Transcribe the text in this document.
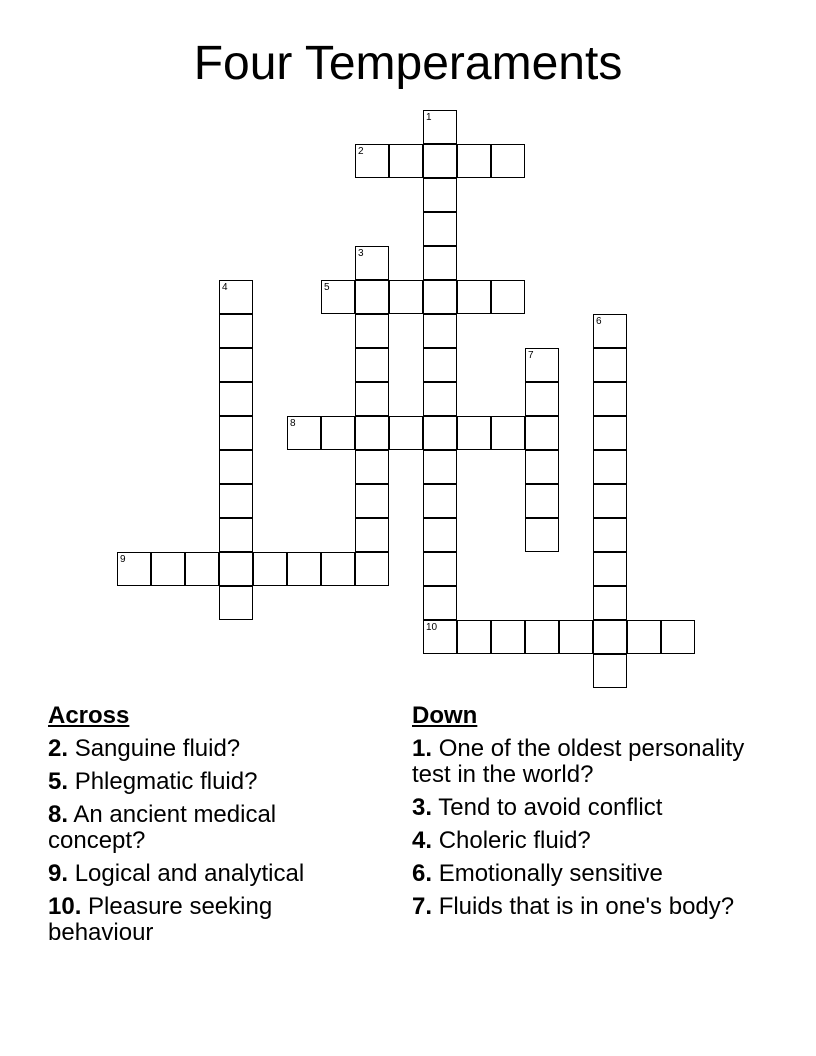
Four Temperaments
1
10
2
3
4	5
6
7
8
9
Across
2. Sanguine fluid?
5. Phlegmatic fluid?
8. An ancient medical concept?
9. Logical and analytical
10. Pleasure seeking behaviour
Down
1. One of the oldest personality test in the world?
3. Tend to avoid conflict
4. Choleric fluid?
6. Emotionally sensitive
7. Fluids that is in one's body?
